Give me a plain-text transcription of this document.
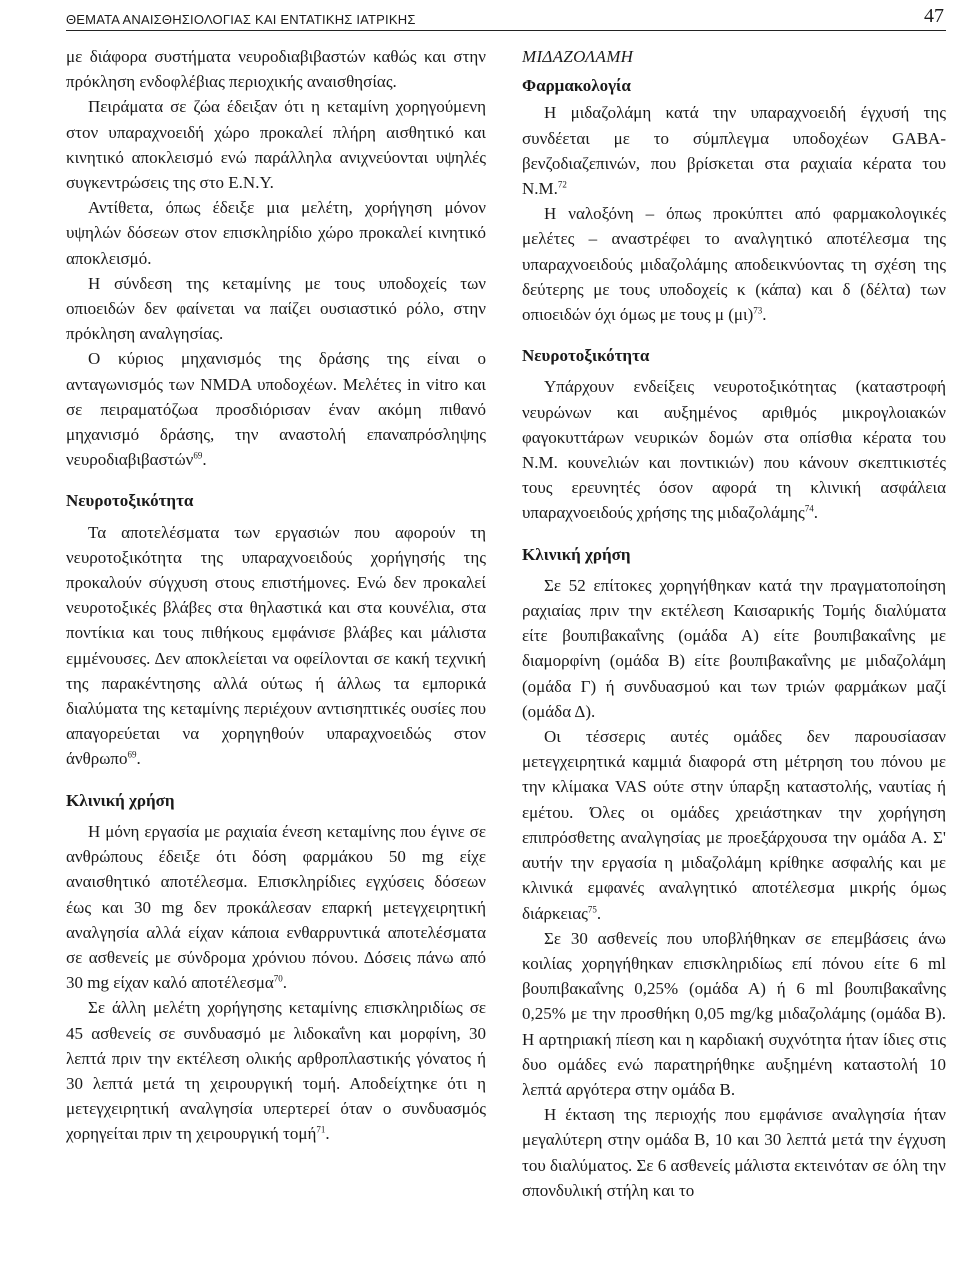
ΘΕΜΑΤΑ ΑΝΑΙΣΘΗΣΙΟΛΟΓΙΑΣ ΚΑΙ ΕΝΤΑΤΙΚΗΣ ΙΑΤΡΙΚΗΣ	47

με διάφορα συστήματα νευροδιαβιβαστών καθώς και στην πρόκληση ενδοφλέβιας περιοχικής αναισθησίας.

Πειράματα σε ζώα έδειξαν ότι η κεταμίνη χορηγούμενη στον υπαραχνοειδή χώρο προκαλεί πλήρη αισθητικό και κινητικό αποκλεισμό ενώ παράλληλα ανιχνεύονται υψηλές συγκεντρώσεις της στο Ε.Ν.Υ.

Αντίθετα, όπως έδειξε μια μελέτη, χορήγηση μόνον υψηλών δόσεων στον επισκληρίδιο χώρο προκαλεί κινητικό αποκλεισμό.

Η σύνδεση της κεταμίνης με τους υποδοχείς των οπιοειδών δεν φαίνεται να παίζει ουσιαστικό ρόλο, στην πρόκληση αναλγησίας.

Ο κύριος μηχανισμός της δράσης της είναι ο ανταγωνισμός των NMDA υποδοχέων. Μελέτες in vitro και σε πειραματόζωα προσδιόρισαν έναν ακόμη πιθανό μηχανισμό δράσης, την αναστολή επαναπρόσληψης νευροδιαβιβαστών$^{69}$.

Νευροτοξικότητα

Τα αποτελέσματα των εργασιών που αφορούν τη νευροτοξικότητα της υπαραχνοειδούς χορήγησής της προκαλούν σύγχυση στους επιστήμονες. Ενώ δεν προκαλεί νευροτοξικές βλάβες στα θηλαστικά και στα κουνέλια, στα ποντίκια και τους πιθήκους εμφάνισε βλάβες και μάλιστα εμμένουσες. Δεν αποκλείεται να οφείλονται σε κακή τεχνική της παρακέντησης αλλά ούτως ή άλλως τα εμπορικά διαλύματα της κεταμίνης περιέχουν αντισηπτικές ουσίες που απαγορεύεται να χορηγηθούν υπαραχνοειδώς στον άνθρωπο$^{69}$.

Κλινική χρήση

Η μόνη εργασία με ραχιαία ένεση κεταμίνης που έγινε σε ανθρώπους έδειξε ότι δόση φαρμάκου 50 mg είχε αναισθητικό αποτέλεσμα. Επισκληρίδιες εγχύσεις δόσεων έως και 30 mg δεν προκάλεσαν επαρκή μετεγχειρητική αναλγησία αλλά είχαν κάποια ενθαρρυντικά αποτελέσματα σε ασθενείς με σύνδρομα χρόνιου πόνου. Δόσεις πάνω από 30 mg είχαν καλό αποτέλεσμα$^{70}$.

Σε άλλη μελέτη χορήγησης κεταμίνης επισκληριδίως σε 45 ασθενείς σε συνδυασμό με λιδοκαΐνη και μορφίνη, 30 λεπτά πριν την εκτέλεση ολικής αρθροπλαστικής γόνατος ή 30 λεπτά μετά τη χειρουργική τομή. Αποδείχτηκε ότι η μετεγχειρητική αναλγησία υπερτερεί όταν ο συνδυασμός χορηγείται πριν τη χειρουργική τομή$^{71}$.

ΜΙΔΑΖΟΛΑΜΗ
Φαρμακολογία

Η μιδαζολάμη κατά την υπαραχνοειδή έγχυσή της συνδέεται με το σύμπλεγμα υποδοχέων GABA-βενζοδιαζεπινών, που βρίσκεται στα ραχιαία κέρατα του Ν.Μ.$^{72}$

Η ναλοξόνη – όπως προκύπτει από φαρμακολογικές μελέτες – αναστρέφει το αναλγητικό αποτέλεσμα της υπαραχνοειδούς μιδαζολάμης αποδεικνύοντας τη σχέση της δεύτερης με τους υποδοχείς κ (κάπα) και δ (δέλτα) των οπιοειδών όχι όμως με τους μ $(\mu\iota)^{73}$.

Νευροτοξικότητα

Υπάρχουν ενδείξεις νευροτοξικότητας (καταστροφή νευρώνων και αυξημένος αριθμός μικρογλοιακών φαγοκυττάρων νευρικών δομών στα οπίσθια κέρατα του Ν.Μ. κουνελιών και ποντικιών) που κάνουν σκεπτικιστές τους ερευνητές όσον αφορά τη κλινική ασφάλεια υπαραχνοειδούς χρήσης της μιδαζολάμης$^{74}$.

Κλινική χρήση

Σε 52 επίτοκες χορηγήθηκαν κατά την πραγματοποίηση ραχιαίας πριν την εκτέλεση Καισαρικής Τομής διαλύματα είτε βουπιβακαΐνης (ομάδα Α) είτε βουπιβακαΐνης με διαμορφίνη (ομάδα Β) είτε βουπιβακαΐνης με μιδαζολάμη (ομάδα Γ) ή συνδυασμού και των τριών φαρμάκων μαζί (ομάδα Δ).

Οι τέσσερις αυτές ομάδες δεν παρουσίασαν μετεγχειρητικά καμμιά διαφορά στη μέτρηση του πόνου με την κλίμακα VAS ούτε στην ύπαρξη καταστολής, ναυτίας ή εμέτου. Όλες οι ομάδες χρειάστηκαν την χορήγηση επιπρόσθετης αναλγησίας με προεξάρχουσα την ομάδα Α. Σ' αυτήν την εργασία η μιδαζολάμη κρίθηκε ασφαλής και με κλινικά εμφανές αναλγητικό αποτέλεσμα μικρής όμως διάρκειας$^{75}$.

Σε 30 ασθενείς που υποβλήθηκαν σε επεμβάσεις άνω κοιλίας χορηγήθηκαν επισκληριδίως επί πόνου είτε 6 ml βουπιβακαΐνης 0,25% (ομάδα Α) ή 6 ml βουπιβακαΐνης 0,25% με την προσθήκη 0,05 mg/kg μιδαζολάμης (ομάδα Β). Η αρτηριακή πίεση και η καρδιακή συχνότητα ήταν ίδιες στις δυο ομάδες ενώ παρατηρήθηκε αυξημένη καταστολή 10 λεπτά αργότερα στην ομάδα Β.

Η έκταση της περιοχής που εμφάνισε αναλγησία ήταν μεγαλύτερη στην ομάδα Β, 10 και 30 λεπτά μετά την έγχυση του διαλύματος. Σε 6 ασθενείς μάλιστα εκτεινόταν σε όλη την σπονδυλική στήλη και το
